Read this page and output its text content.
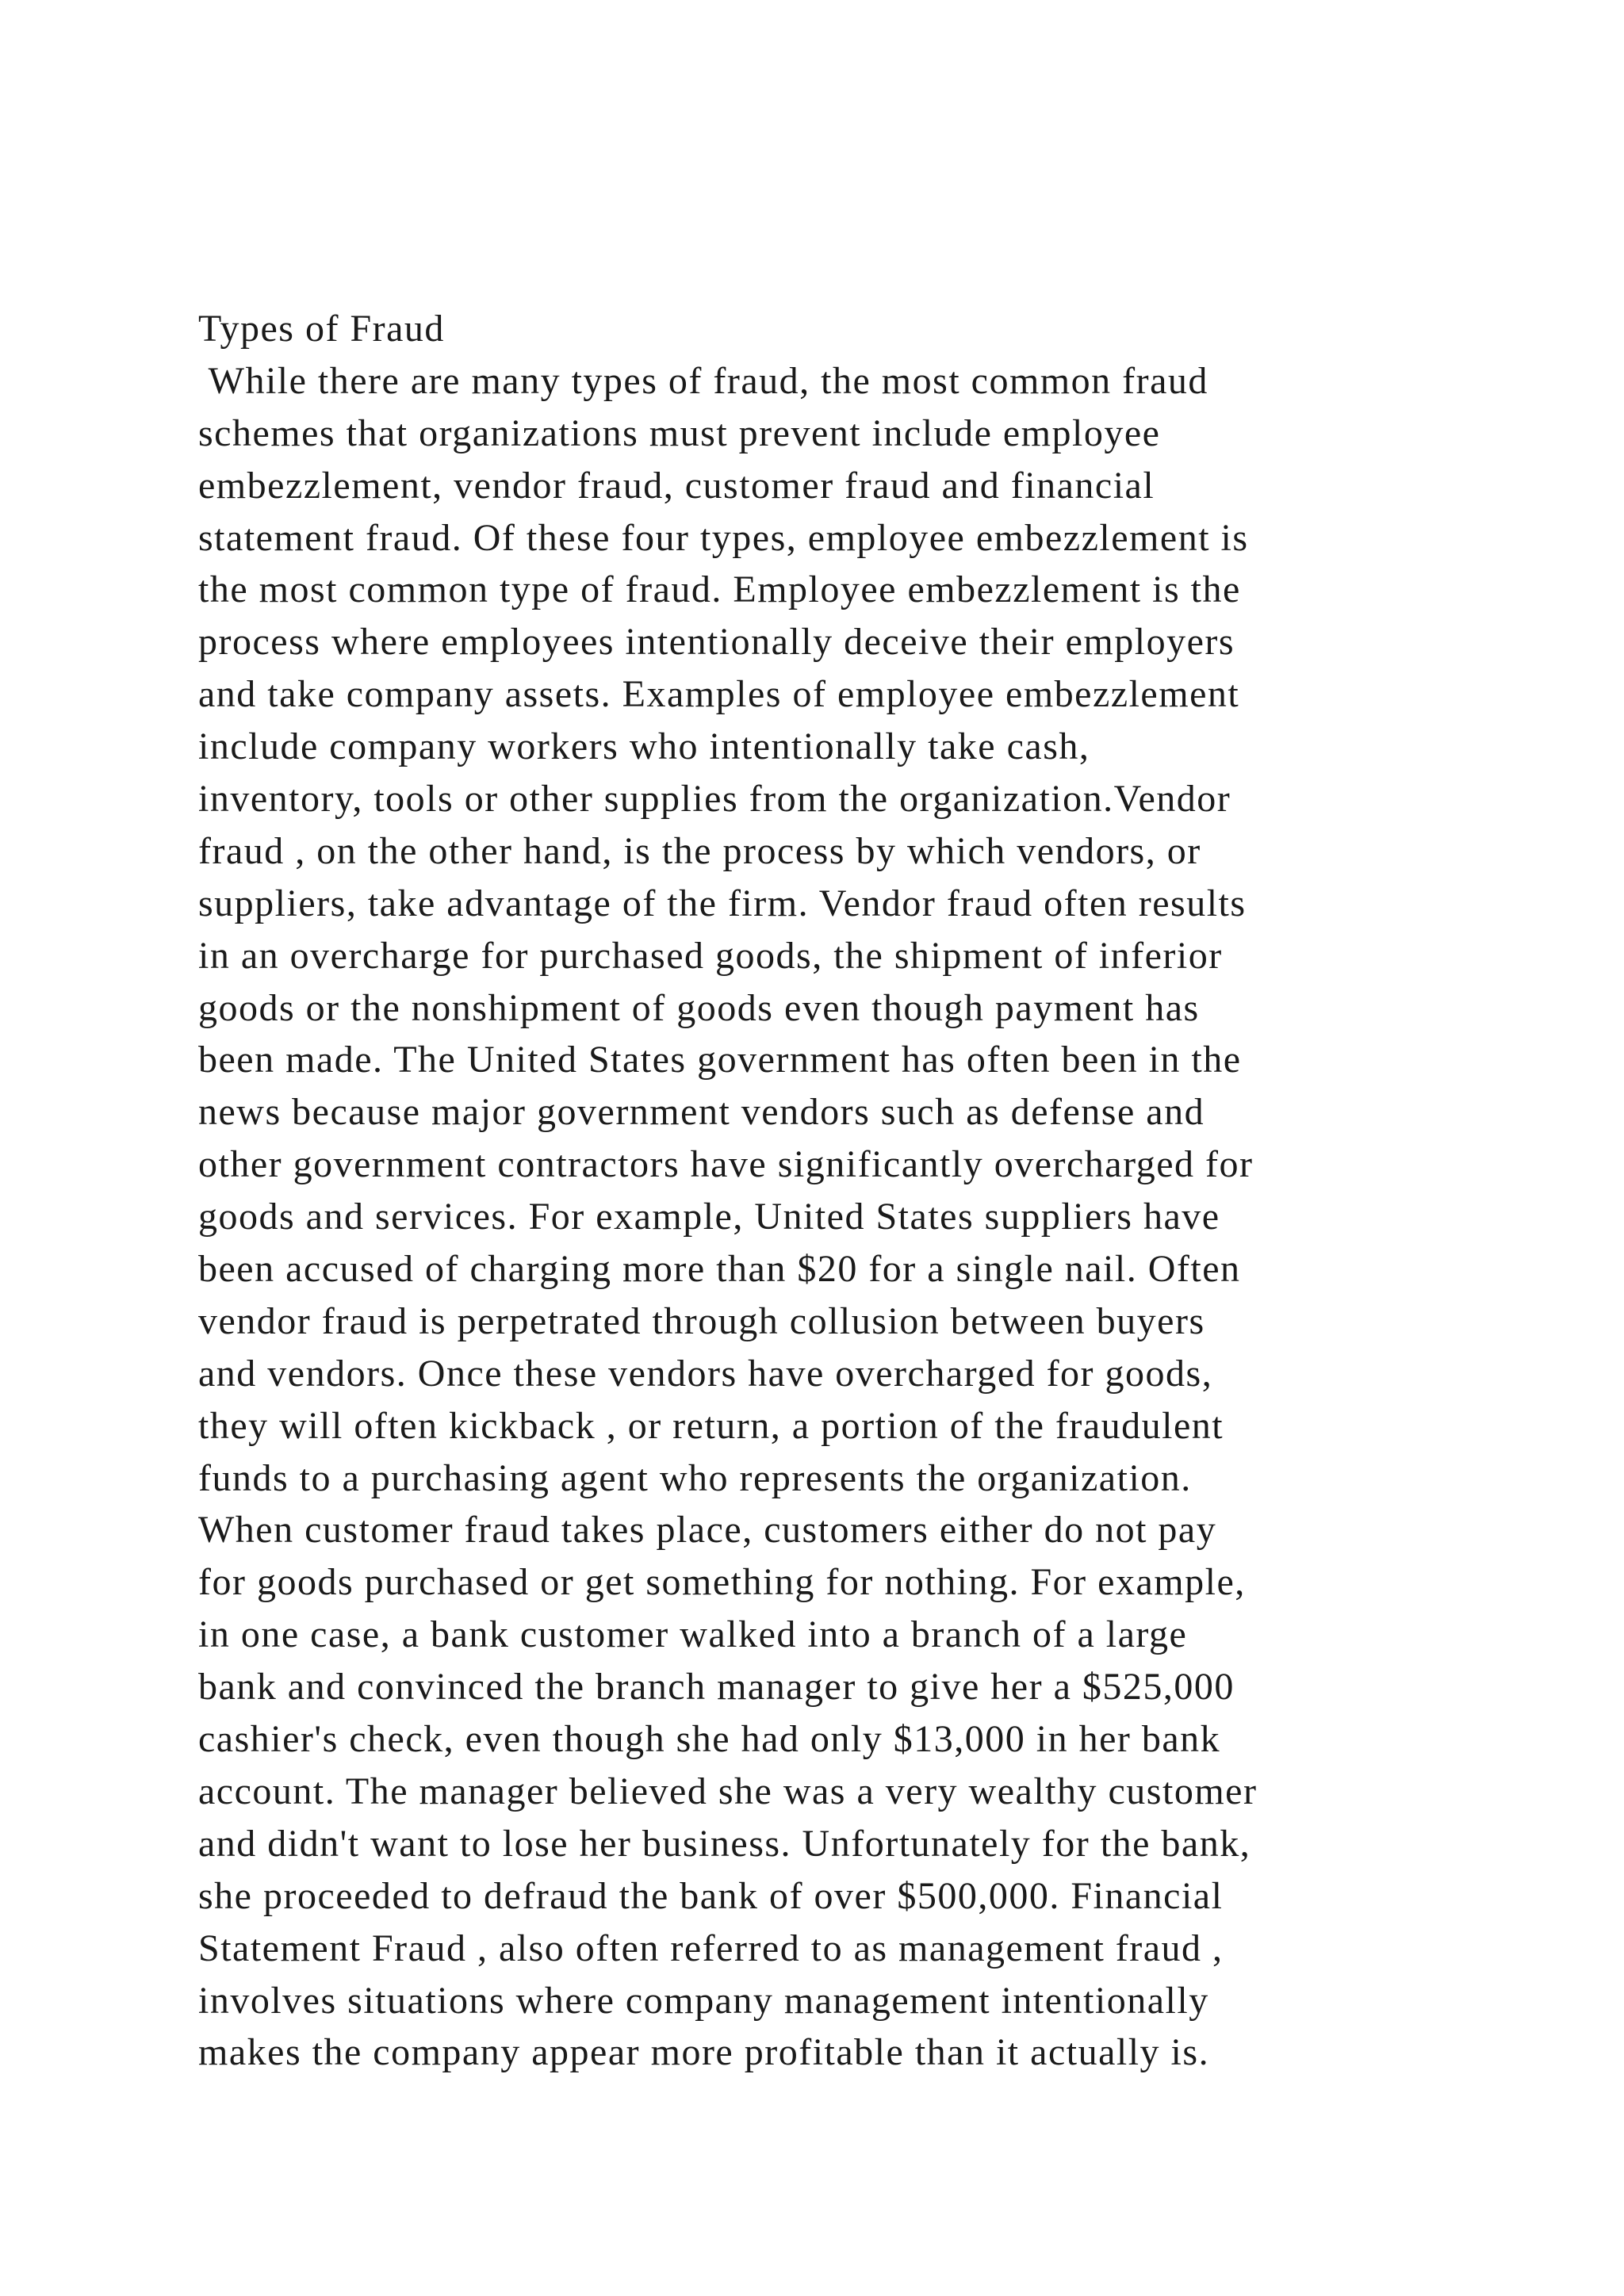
Types of Fraud
While there are many types of fraud, the most common fraud
schemes that organizations must prevent include employee
embezzlement, vendor fraud, customer fraud and financial
statement fraud. Of these four types, employee embezzlement is
the most common type of fraud. Employee embezzlement is the
process where employees intentionally deceive their employers
and take company assets. Examples of employee embezzlement
include company workers who intentionally take cash,
inventory, tools or other supplies from the organization.Vendor
fraud , on the other hand, is the process by which vendors, or
suppliers, take advantage of the firm. Vendor fraud often results
in an overcharge for purchased goods, the shipment of inferior
goods or the nonshipment of goods even though payment has
been made. The United States government has often been in the
news because major government vendors such as defense and
other government contractors have significantly overcharged for
goods and services. For example, United States suppliers have
been accused of charging more than $20 for a single nail. Often
vendor fraud is perpetrated through collusion between buyers
and vendors. Once these vendors have overcharged for goods,
they will often kickback , or return, a portion of the fraudulent
funds to a purchasing agent who represents the organization.
When customer fraud takes place, customers either do not pay
for goods purchased or get something for nothing. For example,
in one case, a bank customer walked into a branch of a large
bank and convinced the branch manager to give her a $525,000
cashier's check, even though she had only $13,000 in her bank
account. The manager believed she was a very wealthy customer
and didn't want to lose her business. Unfortunately for the bank,
she proceeded to defraud the bank of over $500,000. Financial
Statement Fraud , also often referred to as management fraud ,
involves situations where company management intentionally
makes the company appear more profitable than it actually is.
